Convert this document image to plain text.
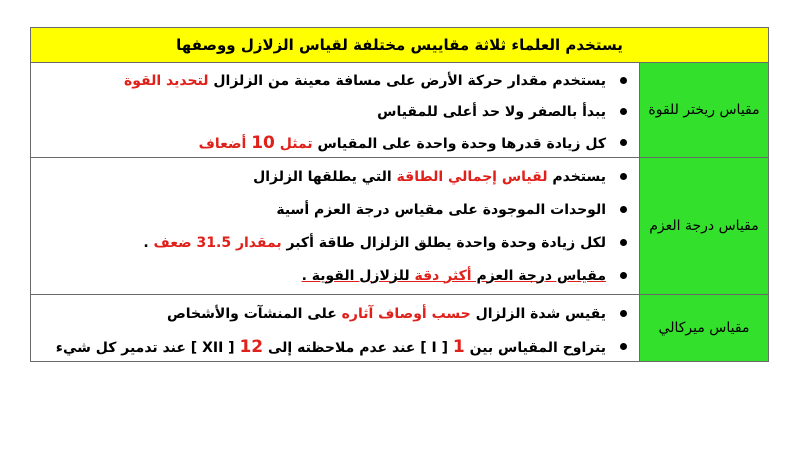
يستخدم العلماء ثلاثة مقاييس مختلفة لقياس الزلازل ووصفها
مقياس ريختر للقوة
يستخدم مقدار حركة الأرض على مسافة معينة من الزلزال لتحديد القوة
يبدأ بالصفر ولا حد أعلى للمقياس
كل زيادة قدرها وحدة واحدة على المقياس تمثل 10 أضعاف
مقياس درجة العزم
يستخدم لقياس إجمالي الطاقة التي يطلقها الزلزال
الوحدات الموجودة على مقياس درجة العزم أسية
لكل زيادة وحدة واحدة يطلق الزلزال طاقة أكبر بمقدار 31.5 ضعف .
مقياس درجة العزم أكثر دقة للزلازل القوية .
مقياس ميركالي
يقيس شدة الزلزال حسب أوصاف آثاره على المنشآت والأشخاص
يتراوح المقياس بين 1 [ I ] عند عدم ملاحظته إلى 12 [ XII ] عند تدمير كل شيء
